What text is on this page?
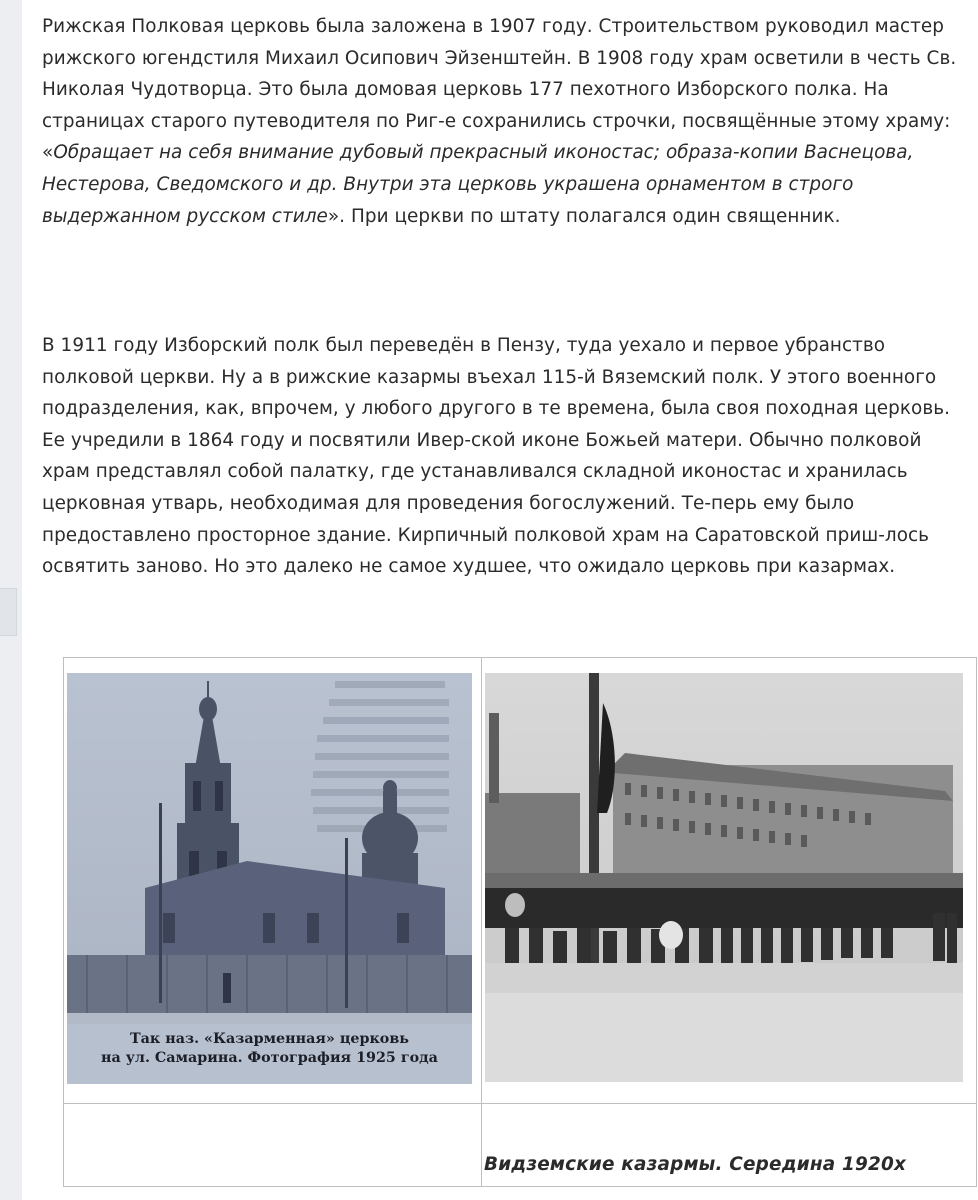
Рижская Полковая церковь была заложена в 1907 году. Строительством руководил мастер рижского югендстиля Михаил Осипович Эйзенштейн. В 1908 году храм осветили в честь Св. Николая Чудотворца. Это была домовая церковь 177 пехотного Изборского полка. На страницах старого путеводителя по Риг-е сохранились строчки, посвящённые этому храму: «Обращает на себя внимание дубовый прекрасный иконостас; образа-копии Васнецова, Нестерова, Сведомского и др. Внутри эта церковь украшена орнаментом в строго выдержанном русском стиле». При церкви по штату полагался один священник.

В 1911 году Изборский полк был переведён в Пензу, туда уехало и первое убранство полковой церкви. Ну а в рижские казармы въехал 115-й Вяземский полк. У этого военного подразделения, как, впрочем, у любого другого в те времена, была своя походная церковь. Ее учредили в 1864 году и посвятили Ивер-ской иконе Божьей матери. Обычно полковой храм представлял собой палатку, где устанавливался складной иконостас и хранилась церковная утварь, необходимая для проведения богослужений. Те-перь ему было предоставлено просторное здание. Кирпичный полковой храм на Саратовской приш-лось освятить заново. Но это далеко не самое худшее, что ожидало церковь при казармах.

Так наз. «Казарменная» церковь
на ул. Самарина. Фотография 1925 года

	Видземские казармы. Середина 1920х
